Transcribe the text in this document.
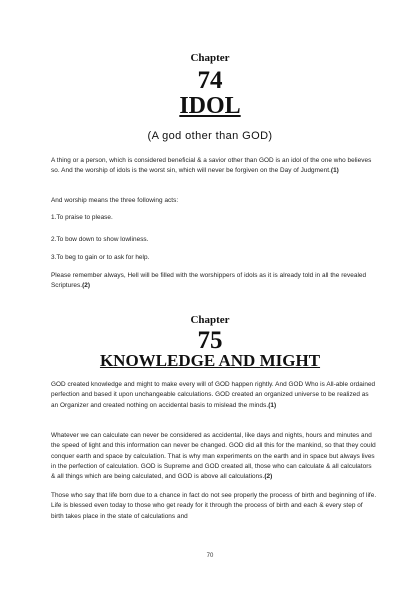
Chapter
74
IDOL
(A god other than GOD)

A thing or a person, which is considered beneficial & a savior other than GOD is an idol of the one who believes so. And the worship of idols is the worst sin, which will never be forgiven on the Day of Judgment.(1)

And worship means the three following acts:

1.To praise to please.

2.To bow down to show lowliness.

3.To beg to gain or to ask for help.

Please remember always, Hell will be filled with the worshippers of idols as it is already told in all the revealed Scriptures.(2)

Chapter
75
KNOWLEDGE AND MIGHT

GOD created knowledge and might to make every will of GOD happen rightly. And GOD Who is All-able ordained perfection and based it upon unchangeable calculations. GOD created an organized universe to be realized as an Organizer and created nothing on accidental basis to mislead the minds.(1)

Whatever we can calculate can never be considered as accidental, like days and nights, hours and minutes and the speed of light and this information can never be changed. GOD did all this for the mankind, so that they could conquer earth and space by calculation. That is why man experiments on the earth and in space but always lives in the perfection of calculation. GOD is Supreme and GOD created all, those who can calculate & all calculators & all things which are being calculated, and GOD is above all calculations.(2)

Those who say that life born due to a chance in fact do not see properly the process of birth and beginning of life. Life is blessed even today to those who get ready for it through the process of birth and each & every step of birth takes place in the state of calculations and

70
